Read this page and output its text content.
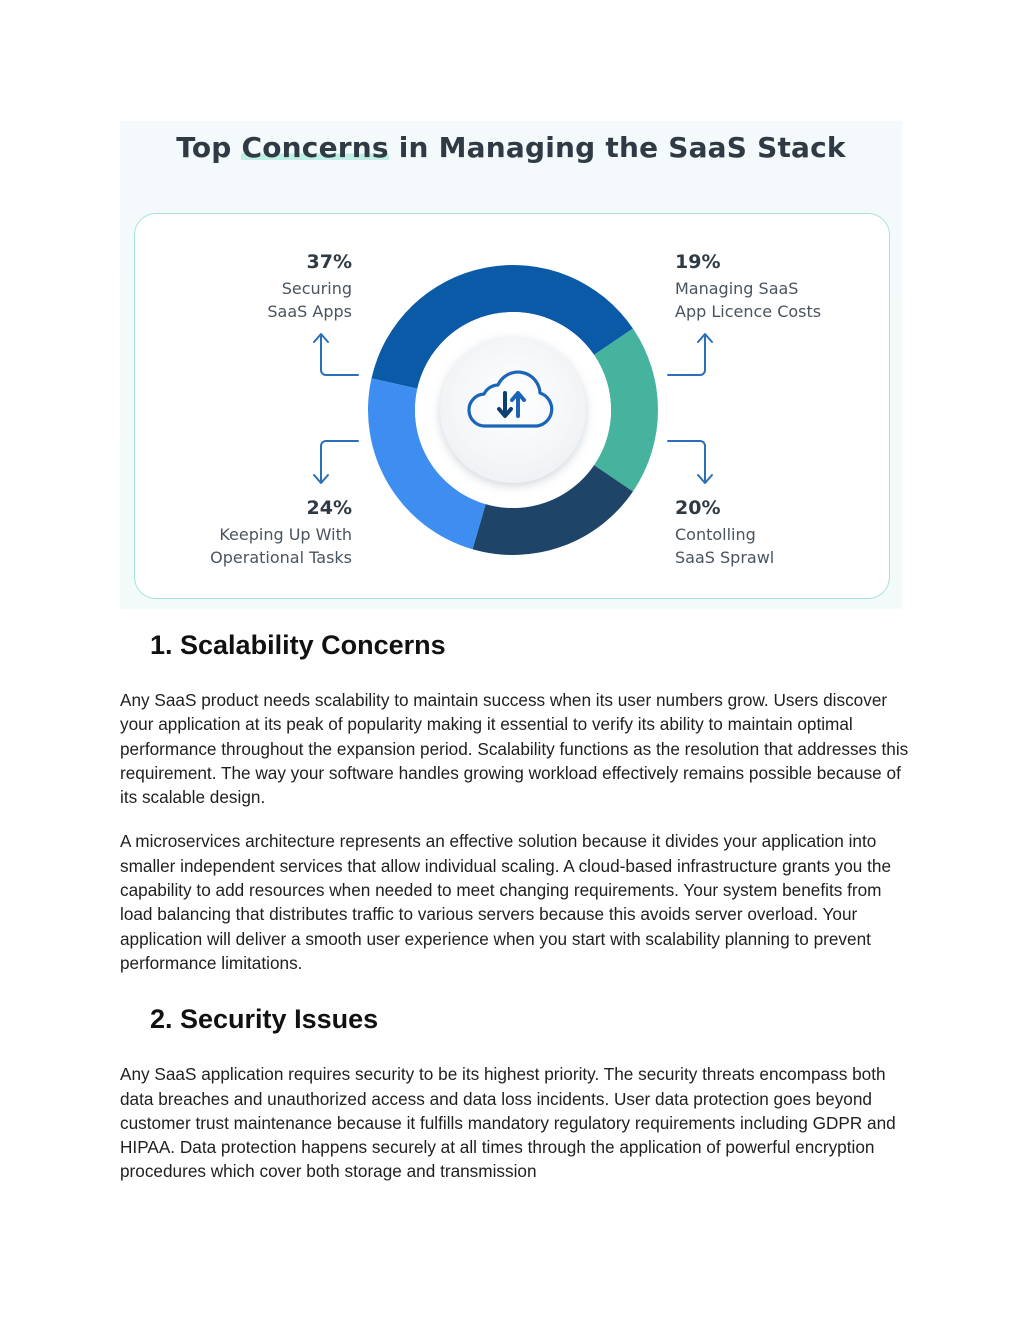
Top Concerns in Managing the SaaS Stack
37%
Securing
SaaS Apps
19%
Managing SaaS
App Licence Costs
24%
Keeping Up With
Operational Tasks
20%
Contolling
SaaS Sprawl
1. Scalability Concerns

Any SaaS product needs scalability to maintain success when its user numbers grow. Users discover your application at its peak of popularity making it essential to verify its ability to maintain optimal performance throughout the expansion period. Scalability functions as the resolution that addresses this requirement. The way your software handles growing workload effectively remains possible because of its scalable design.

A microservices architecture represents an effective solution because it divides your application into smaller independent services that allow individual scaling. A cloud-based infrastructure grants you the capability to add resources when needed to meet changing requirements. Your system benefits from load balancing that distributes traffic to various servers because this avoids server overload. Your application will deliver a smooth user experience when you start with scalability planning to prevent performance limitations.

2. Security Issues

Any SaaS application requires security to be its highest priority. The security threats encompass both data breaches and unauthorized access and data loss incidents. User data protection goes beyond customer trust maintenance because it fulfills mandatory regulatory requirements including GDPR and HIPAA. Data protection happens securely at all times through the application of powerful encryption procedures which cover both storage and transmission
